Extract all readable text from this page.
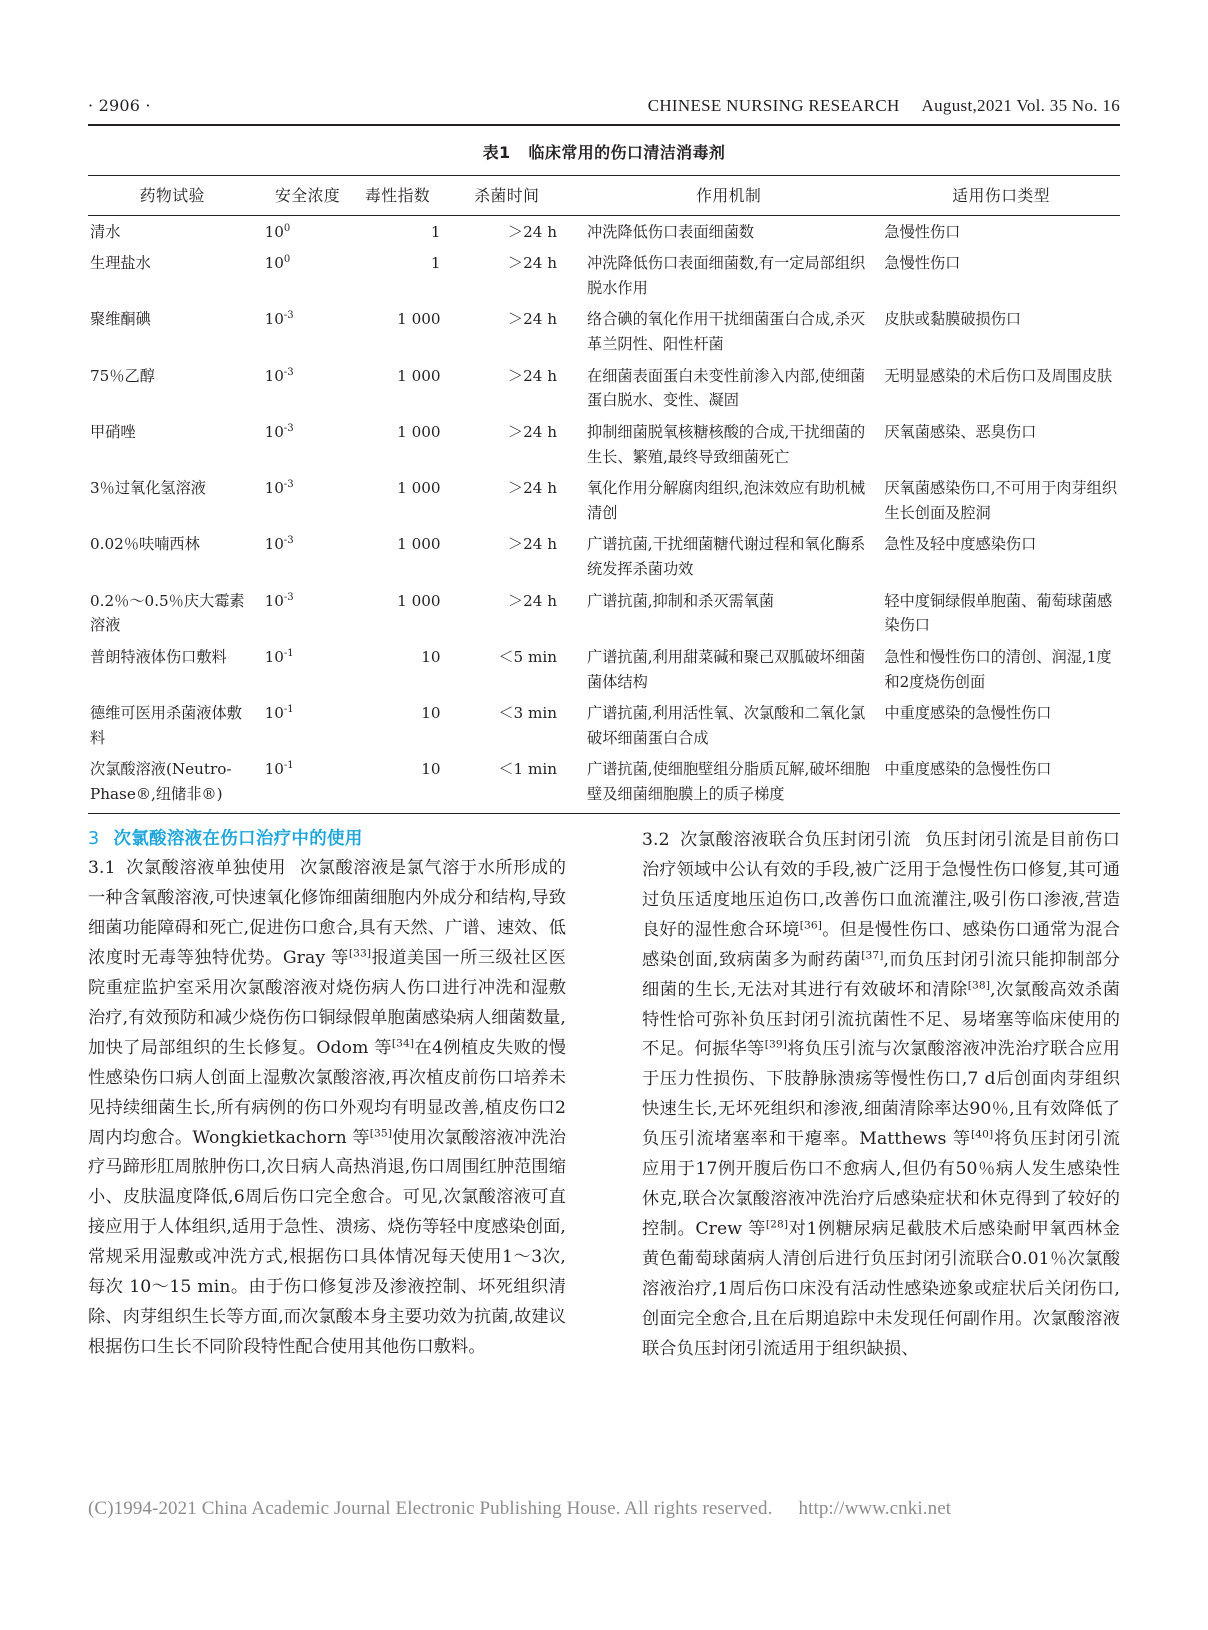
· 2906 ·	CHINESE NURSING RESEARCH August,2021 Vol. 35 No. 16
表1 临床常用的伤口清洁消毒剂
药物试验	安全浓度	毒性指数	杀菌时间	作用机制	适用伤口类型
清水	$10^0$	1	＞24 h	冲洗降低伤口表面细菌数	急慢性伤口
生理盐水	$10^0$	1	＞24 h	冲洗降低伤口表面细菌数,有一定局部组织脱水作用	急慢性伤口
聚维酮碘	$10^{-3}$	1 000	＞24 h	络合碘的氧化作用干扰细菌蛋白合成,杀灭革兰阴性、阳性杆菌	皮肤或黏膜破损伤口
75％乙醇	$10^{-3}$	1 000	＞24 h	在细菌表面蛋白未变性前渗入内部,使细菌蛋白脱水、变性、凝固	无明显感染的术后伤口及周围皮肤
甲硝唑	$10^{-3}$	1 000	＞24 h	抑制细菌脱氧核糖核酸的合成,干扰细菌的生长、繁殖,最终导致细菌死亡	厌氧菌感染、恶臭伤口
3％过氧化氢溶液	$10^{-3}$	1 000	＞24 h	氧化作用分解腐肉组织,泡沫效应有助机械清创	厌氧菌感染伤口,不可用于肉芽组织生长创面及腔洞
0.02％呋喃西林	$10^{-3}$	1 000	＞24 h	广谱抗菌,干扰细菌糖代谢过程和氧化酶系统发挥杀菌功效	急性及轻中度感染伤口
0.2％～0.5％庆大霉素溶液	$10^{-3}$	1 000	＞24 h	广谱抗菌,抑制和杀灭需氧菌	轻中度铜绿假单胞菌、葡萄球菌感染伤口
普朗特液体伤口敷料	$10^{-1}$	10	＜5 min	广谱抗菌,利用甜菜碱和聚己双胍破坏细菌菌体结构	急性和慢性伤口的清创、润湿,1度和2度烧伤创面
德维可医用杀菌液体敷料	$10^{-1}$	10	＜3 min	广谱抗菌,利用活性氧、次氯酸和二氧化氯破坏细菌蛋白合成	中重度感染的急慢性伤口
次氯酸溶液(Neutro-Phase®,纽储非®)	$10^{-1}$	10	＜1 min	广谱抗菌,使细胞壁组分脂质瓦解,破坏细胞壁及细菌细胞膜上的质子梯度	中重度感染的急慢性伤口
3 次氯酸溶液在伤口治疗中的使用

3.1 次氯酸溶液单独使用 次氯酸溶液是氯气溶于水所形成的一种含氧酸溶液,可快速氧化修饰细菌细胞内外成分和结构,导致细菌功能障碍和死亡,促进伤口愈合,具有天然、广谱、速效、低浓度时无毒等独特优势。Gray 等[33]报道美国一所三级社区医院重症监护室采用次氯酸溶液对烧伤病人伤口进行冲洗和湿敷治疗,有效预防和减少烧伤伤口铜绿假单胞菌感染病人细菌数量,加快了局部组织的生长修复。Odom 等[34]在4例植皮失败的慢性感染伤口病人创面上湿敷次氯酸溶液,再次植皮前伤口培养未见持续细菌生长,所有病例的伤口外观均有明显改善,植皮伤口2周内均愈合。Wongkietkachorn 等[35]使用次氯酸溶液冲洗治疗马蹄形肛周脓肿伤口,次日病人高热消退,伤口周围红肿范围缩小、皮肤温度降低,6周后伤口完全愈合。可见,次氯酸溶液可直接应用于人体组织,适用于急性、溃疡、烧伤等轻中度感染创面,常规采用湿敷或冲洗方式,根据伤口具体情况每天使用1～3次,每次 10～15 min。由于伤口修复涉及渗液控制、坏死组织清除、肉芽组织生长等方面,而次氯酸本身主要功效为抗菌,故建议根据伤口生长不同阶段特性配合使用其他伤口敷料。

3.2 次氯酸溶液联合负压封闭引流 负压封闭引流是目前伤口治疗领域中公认有效的手段,被广泛用于急慢性伤口修复,其可通过负压适度地压迫伤口,改善伤口血流灌注,吸引伤口渗液,营造良好的湿性愈合环境[36]。但是慢性伤口、感染伤口通常为混合感染创面,致病菌多为耐药菌[37],而负压封闭引流只能抑制部分细菌的生长,无法对其进行有效破坏和清除[38],次氯酸高效杀菌特性恰可弥补负压封闭引流抗菌性不足、易堵塞等临床使用的不足。何振华等[39]将负压引流与次氯酸溶液冲洗治疗联合应用于压力性损伤、下肢静脉溃疡等慢性伤口,7 d后创面肉芽组织快速生长,无坏死组织和渗液,细菌清除率达90％,且有效降低了负压引流堵塞率和干瘪率。Matthews 等[40]将负压封闭引流应用于17例开腹后伤口不愈病人,但仍有50％病人发生感染性休克,联合次氯酸溶液冲洗治疗后感染症状和休克得到了较好的控制。Crew 等[28]对1例糖尿病足截肢术后感染耐甲氧西林金黄色葡萄球菌病人清创后进行负压封闭引流联合0.01％次氯酸溶液治疗,1周后伤口床没有活动性感染迹象或症状后关闭伤口,创面完全愈合,且在后期追踪中未发现任何副作用。次氯酸溶液联合负压封闭引流适用于组织缺损、

(C)1994-2021 China Academic Journal Electronic Publishing House. All rights reserved. http://www.cnki.net
